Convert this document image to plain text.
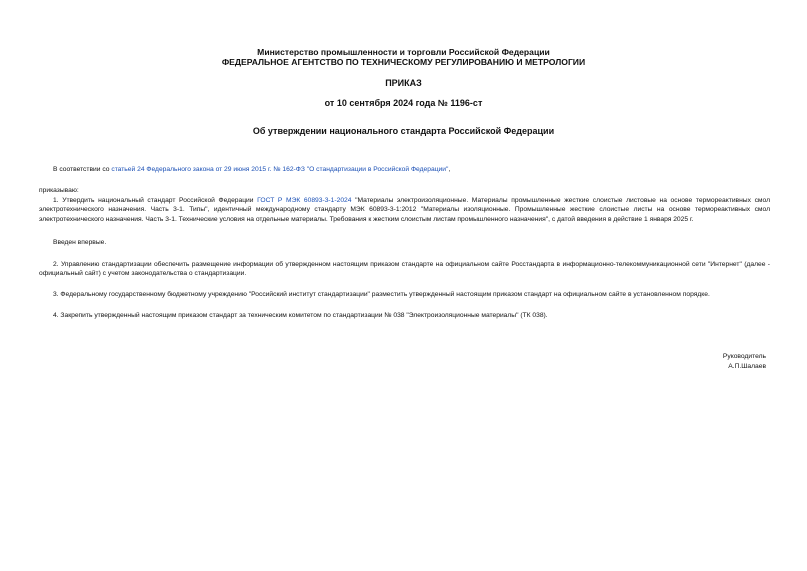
Министерство промышленности и торговли Российской Федерации
ФЕДЕРАЛЬНОЕ АГЕНТСТВО ПО ТЕХНИЧЕСКОМУ РЕГУЛИРОВАНИЮ И МЕТРОЛОГИИ
ПРИКАЗ
от 10 сентября 2024 года № 1196-ст
Об утверждении национального стандарта Российской Федерации
В соответствии со статьей 24 Федерального закона от 29 июня 2015 г. № 162-ФЗ "О стандартизации в Российской Федерации",
приказываю:
1. Утвердить национальный стандарт Российской Федерации ГОСТ Р МЭК 60893-3-1-2024 "Материалы электроизоляционные. Материалы промышленные жесткие слоистые листовые на основе термореактивных смол электротехнического назначения. Часть 3-1. Типы", идентичный международному стандарту МЭК 60893-3-1:2012 "Материалы изоляционные. Промышленные жесткие слоистые листы на основе термореактивных смол электротехнического назначения. Часть 3-1. Технические условия на отдельные материалы. Требования к жестким слоистым листам промышленного назначения", с датой введения в действие 1 января 2025 г.
Введен впервые.
2. Управлению стандартизации обеспечить размещение информации об утвержденном настоящим приказом стандарте на официальном сайте Росстандарта в информационно-телекоммуникационной сети "Интернет" (далее - официальный сайт) с учетом законодательства о стандартизации.
3. Федеральному государственному бюджетному учреждению "Российский институт стандартизации" разместить утвержденный настоящим приказом стандарт на официальном сайте в установленном порядке.
4. Закрепить утвержденный настоящим приказом стандарт за техническим комитетом по стандартизации № 038 "Электроизоляционные материалы" (ТК 038).
Руководитель
А.П.Шалаев
